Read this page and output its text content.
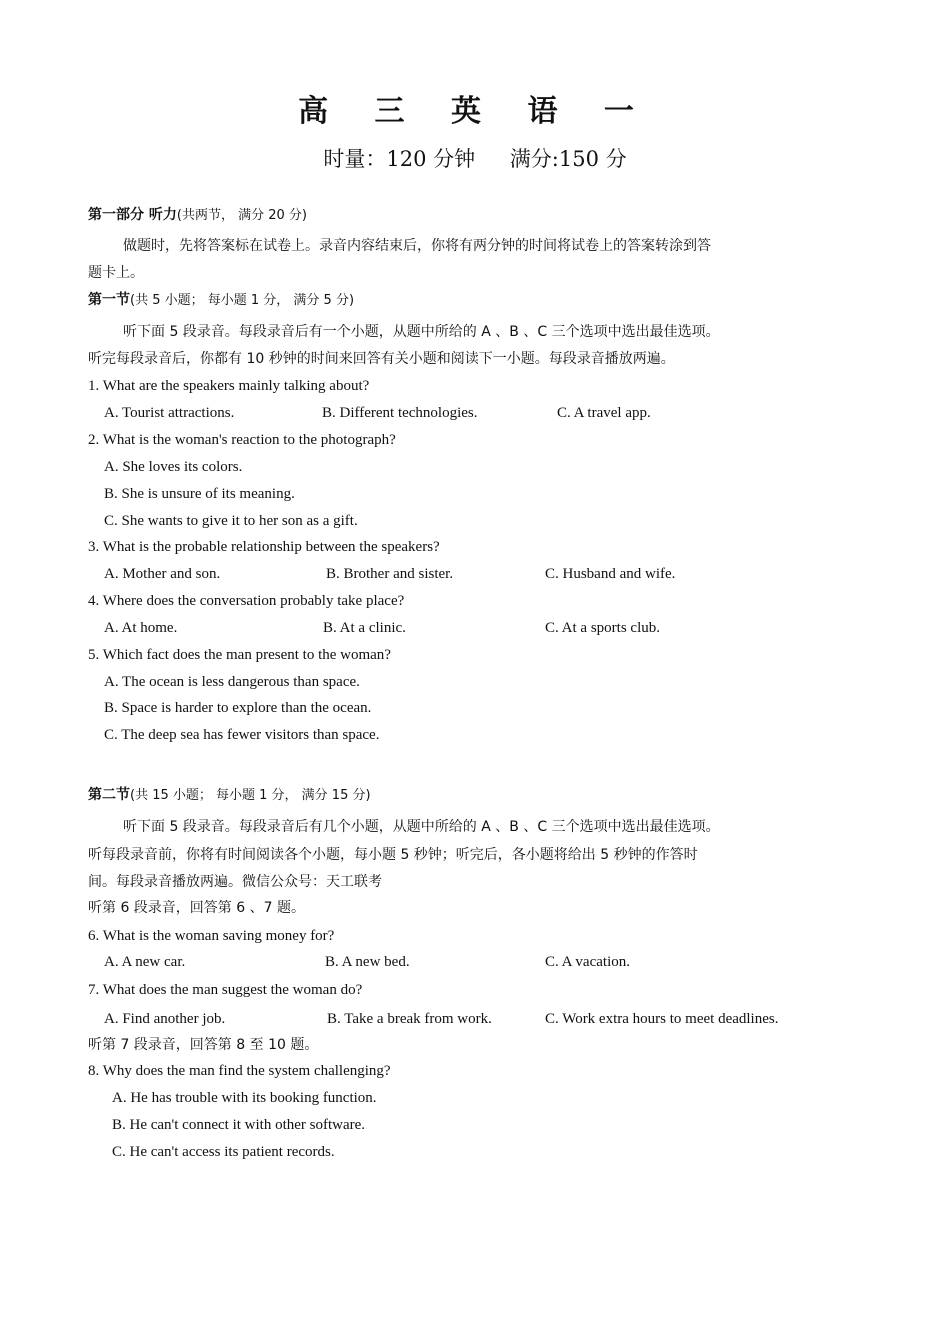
高 三 英 语 一
时量：120 分钟 满分:150 分
第一部分 听力(共两节， 满分 20 分)
做题时，先将答案标在试卷上。录音内容结束后，你将有两分钟的时间将试卷上的答案转涂到答
题卡上。
第一节(共 5 小题； 每小题 1 分， 满分 5 分)
听下面 5 段录音。每段录音后有一个小题，从题中所给的 A 、B 、C 三个选项中选出最佳选项。
听完每段录音后，你都有 10 秒钟的时间来回答有关小题和阅读下一小题。每段录音播放两遍。
1. What are the speakers mainly talking about?
A. Tourist attractions.	B. Different technologies.	C. A travel app.
2. What is the woman's reaction to the photograph?
A. She loves its colors.
B. She is unsure of its meaning.
C. She wants to give it to her son as a gift.
3. What is the probable relationship between the speakers?
A. Mother and son.	B. Brother and sister.	C. Husband and wife.
4. Where does the conversation probably take place?
A. At home.	B. At a clinic.	C. At a sports club.
5. Which fact does the man present to the woman?
A. The ocean is less dangerous than space.
B. Space is harder to explore than the ocean.
C. The deep sea has fewer visitors than space.
第二节(共 15 小题； 每小题 1 分， 满分 15 分)
听下面 5 段录音。每段录音后有几个小题，从题中所给的 A 、B 、C 三个选项中选出最佳选项。
听每段录音前，你将有时间阅读各个小题，每小题 5 秒钟；听完后，各小题将给出 5 秒钟的作答时
间。每段录音播放两遍。微信公众号：天工联考
听第 6 段录音，回答第 6 、7 题。
6. What is the woman saving money for?
A. A new car.	B. A new bed.	C. A vacation.
7. What does the man suggest the woman do?
A. Find another job.	B. Take a break from work.	C. Work extra hours to meet deadlines.
听第 7 段录音，回答第 8 至 10 题。
8. Why does the man find the system challenging?
A. He has trouble with its booking function.
B. He can't connect it with other software.
C. He can't access its patient records.
